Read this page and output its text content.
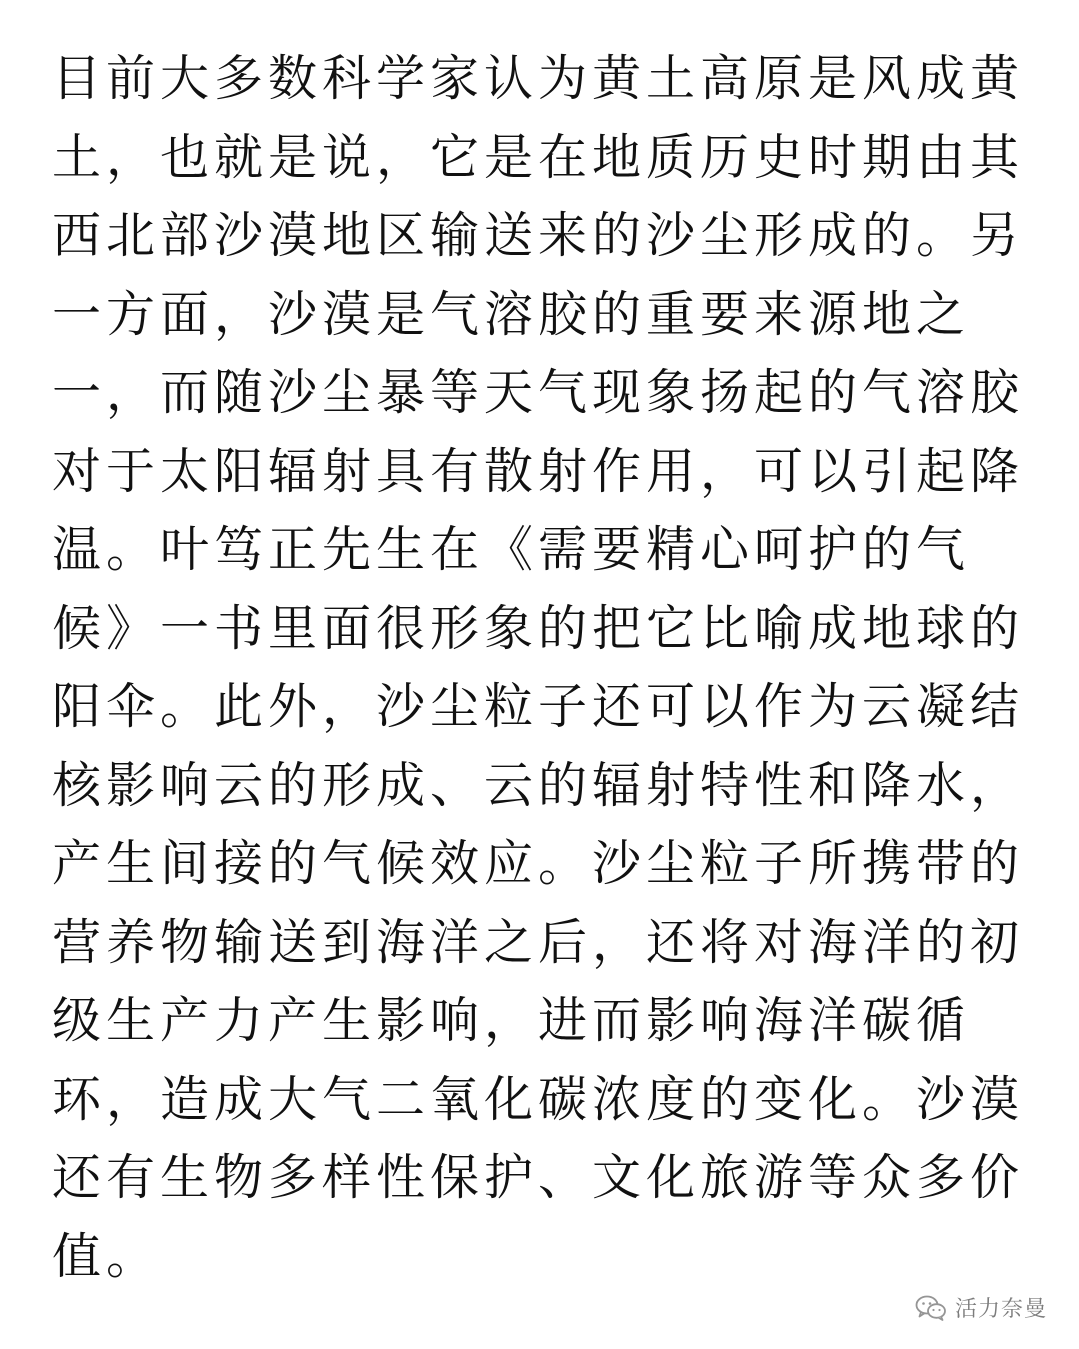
目前大多数科学家认为黄土高原是风成黄
土，也就是说，它是在地质历史时期由其
西北部沙漠地区输送来的沙尘形成的。另
一方面，沙漠是气溶胶的重要来源地之
一，而随沙尘暴等天气现象扬起的气溶胶
对于太阳辐射具有散射作用，可以引起降
温。叶笃正先生在《需要精心呵护的气
候》一书里面很形象的把它比喻成地球的
阳伞。此外，沙尘粒子还可以作为云凝结
核影响云的形成、云的辐射特性和降水，
产生间接的气候效应。沙尘粒子所携带的
营养物输送到海洋之后，还将对海洋的初
级生产力产生影响，进而影响海洋碳循
环，造成大气二氧化碳浓度的变化。沙漠
还有生物多样性保护、文化旅游等众多价
值。
活力奈曼
